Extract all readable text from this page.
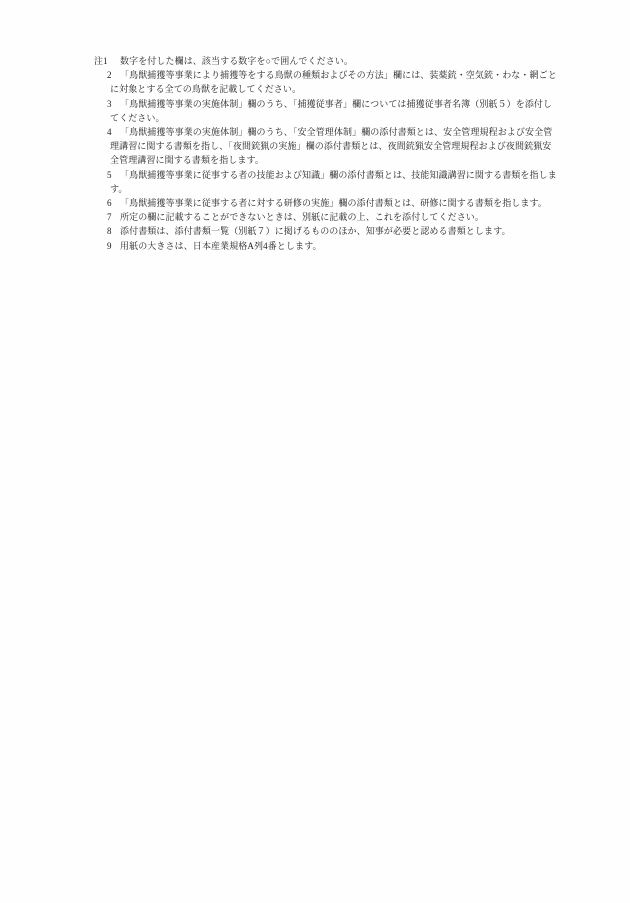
注1 数字を付した欄は、該当する数字を○で囲んでください。
2 「鳥獣捕獲等事業により捕獲等をする鳥獣の種類およびその方法」欄には、装薬銃・空気銃・わな・網ごと
に対象とする全ての鳥獣を記載してください。
3 「鳥獣捕獲等事業の実施体制」欄のうち、「捕獲従事者」欄については捕獲従事者名簿（別紙５）を添付し
てください。
4 「鳥獣捕獲等事業の実施体制」欄のうち、「安全管理体制」欄の添付書類とは、安全管理規程および安全管
理講習に関する書類を指し、「夜間銃猟の実施」欄の添付書類とは、夜間銃猟安全管理規程および夜間銃猟安
全管理講習に関する書類を指します。
5 「鳥獣捕獲等事業に従事する者の技能および知識」欄の添付書類とは、技能知識講習に関する書類を指しま
す。
6 「鳥獣捕獲等事業に従事する者に対する研修の実施」欄の添付書類とは、研修に関する書類を指します。
7 所定の欄に記載することができないときは、別紙に記載の上、これを添付してください。
8 添付書類は、添付書類一覧（別紙７）に掲げるもののほか、知事が必要と認める書類とします。
9 用紙の大きさは、日本産業規格A列4番とします。
